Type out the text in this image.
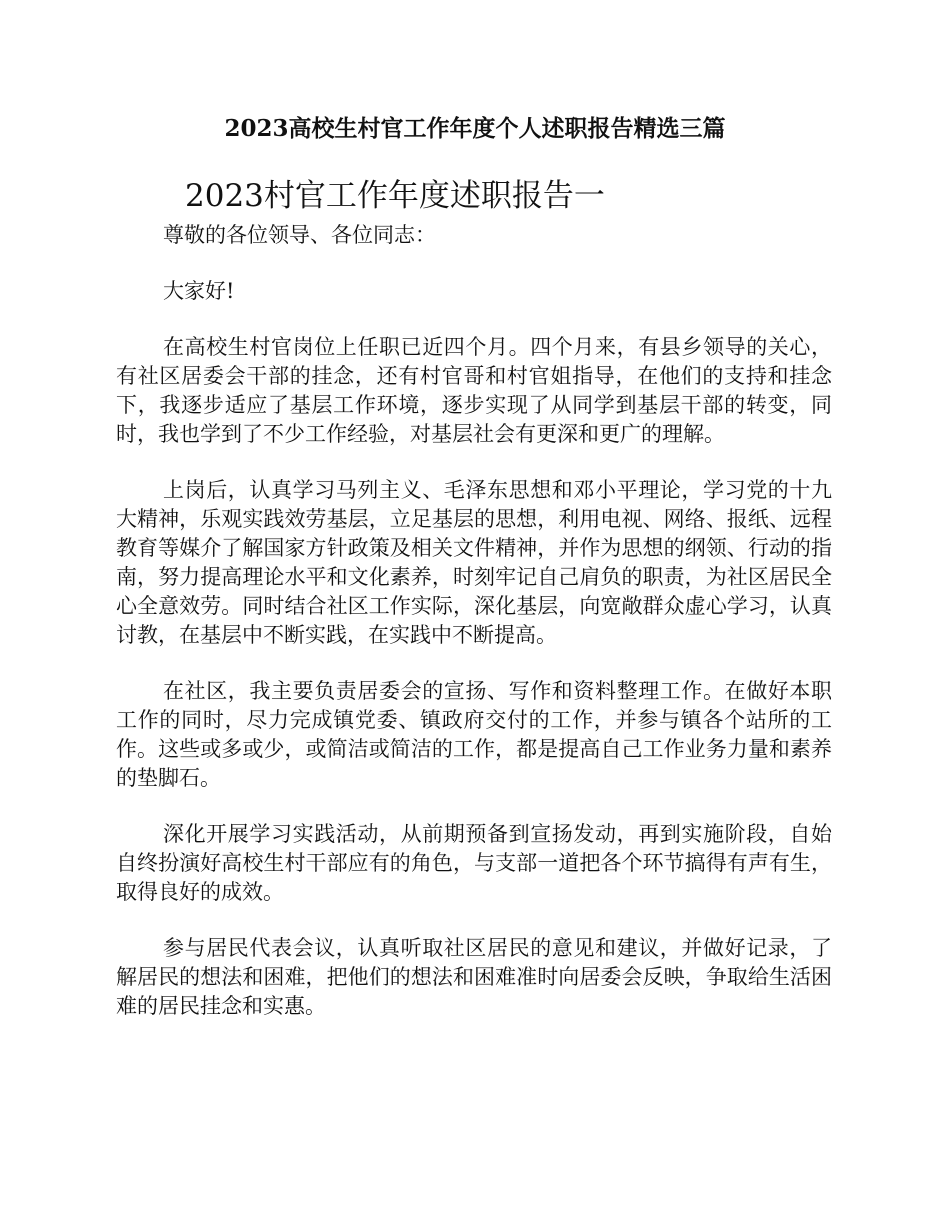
2023高校生村官工作年度个人述职报告精选三篇
2023村官工作年度述职报告一

尊敬的各位领导、各位同志：

大家好!

在高校生村官岗位上任职已近四个月。四个月来，有县乡领导的关心，有社区居委会干部的挂念，还有村官哥和村官姐指导，在他们的支持和挂念下，我逐步适应了基层工作环境，逐步实现了从同学到基层干部的转变，同时，我也学到了不少工作经验，对基层社会有更深和更广的理解。

上岗后，认真学习马列主义、毛泽东思想和邓小平理论，学习党的十九大精神，乐观实践效劳基层，立足基层的思想，利用电视、网络、报纸、远程教育等媒介了解国家方针政策及相关文件精神，并作为思想的纲领、行动的指南，努力提高理论水平和文化素养，时刻牢记自己肩负的职责，为社区居民全心全意效劳。同时结合社区工作实际，深化基层，向宽敞群众虚心学习，认真讨教，在基层中不断实践，在实践中不断提高。

在社区，我主要负责居委会的宣扬、写作和资料整理工作。在做好本职工作的同时，尽力完成镇党委、镇政府交付的工作，并参与镇各个站所的工作。这些或多或少，或简洁或简洁的工作，都是提高自己工作业务力量和素养的垫脚石。

深化开展学习实践活动，从前期预备到宣扬发动，再到实施阶段，自始自终扮演好高校生村干部应有的角色，与支部一道把各个环节搞得有声有生，取得良好的成效。

参与居民代表会议，认真听取社区居民的意见和建议，并做好记录，了解居民的想法和困难，把他们的想法和困难准时向居委会反映，争取给生活困难的居民挂念和实惠。
